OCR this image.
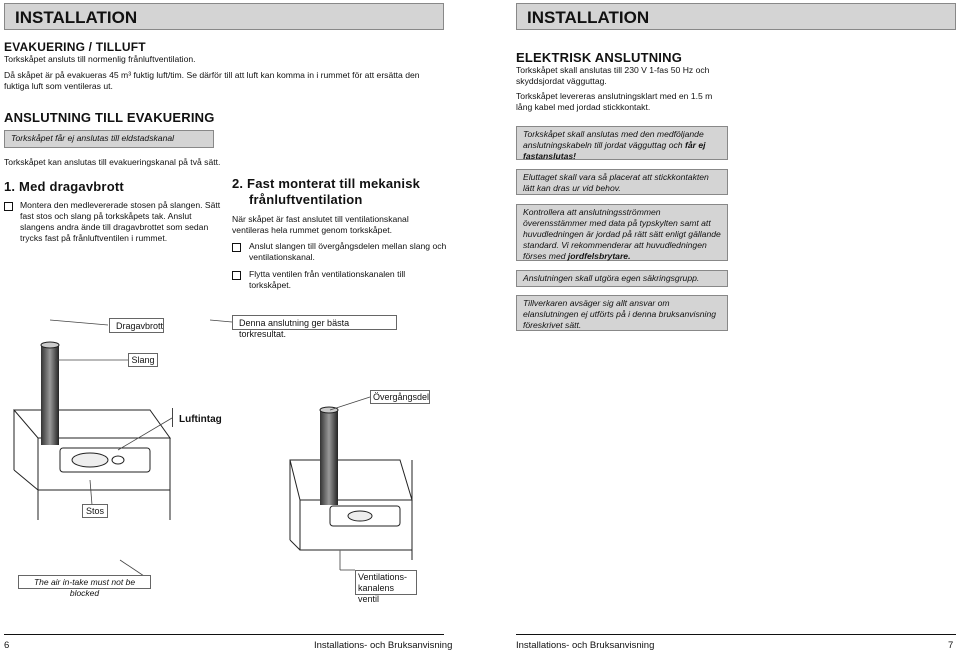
INSTALLATION
EVAKUERING / TILLUFT
Torkskåpet ansluts till normenlig frånluftventilation.
Då skåpet är på evakueras 45 m³ fuktig luft/tim. Se därför till att luft kan komma in i rummet för att ersätta den fuktiga luft som ventileras ut.
ANSLUTNING TILL EVAKUERING
Torkskåpet får ej anslutas till eldstadskanal
Torkskåpet kan anslutas till evakueringskanal på två sätt.
1. Med dragavbrott
Montera den medlevererade stosen på slangen. Sätt fast stos och slang på torkskåpets tak. Anslut slangens andra ände till dragavbrottet som sedan trycks fast på frånluftventilen i rummet.
2. Fast monterat till mekanisk
frånluftventilation
När skåpet är fast anslutet till ventilationskanal ventileras hela rummet genom torkskåpet.
Anslut slangen till övergångsdelen mellan slang och ventilationskanal.
Flytta ventilen från ventilationskanalen till torkskåpet.
Dragavbrott
Slang
Denna anslutning ger bästa torkresultat.
Övergångsdel
Luftintag
Stos
The air in-take must not be blocked
Ventilations-
kanalens ventil
6	Installations- och Bruksanvisning
INSTALLATION
ELEKTRISK ANSLUTNING
Torkskåpet skall anslutas till 230 V 1-fas 50 Hz och skyddsjordat vägguttag.
Torkskåpet levereras anslutningsklart med en 1.5 m lång kabel med jordad stickkontakt.
Torkskåpet skall anslutas med den medföljande anslutningskabeln till jordat vägguttag och får ej fastanslutas!
Eluttaget skall vara så placerat att stickkontakten lätt kan dras ur vid behov.
Kontrollera att anslutningsströmmen överensstämmer med data på typskylten samt att huvudledningen är jordad på rätt sätt enligt gällande standard. Vi rekommenderar att huvudledningen förses med jordfelsbrytare.
Anslutningen skall utgöra egen säkringsgrupp.
Tillverkaren avsäger sig allt ansvar om elanslutningen ej utförts på i denna bruksanvisning föreskrivet sätt.
Installations- och Bruksanvisning	7
